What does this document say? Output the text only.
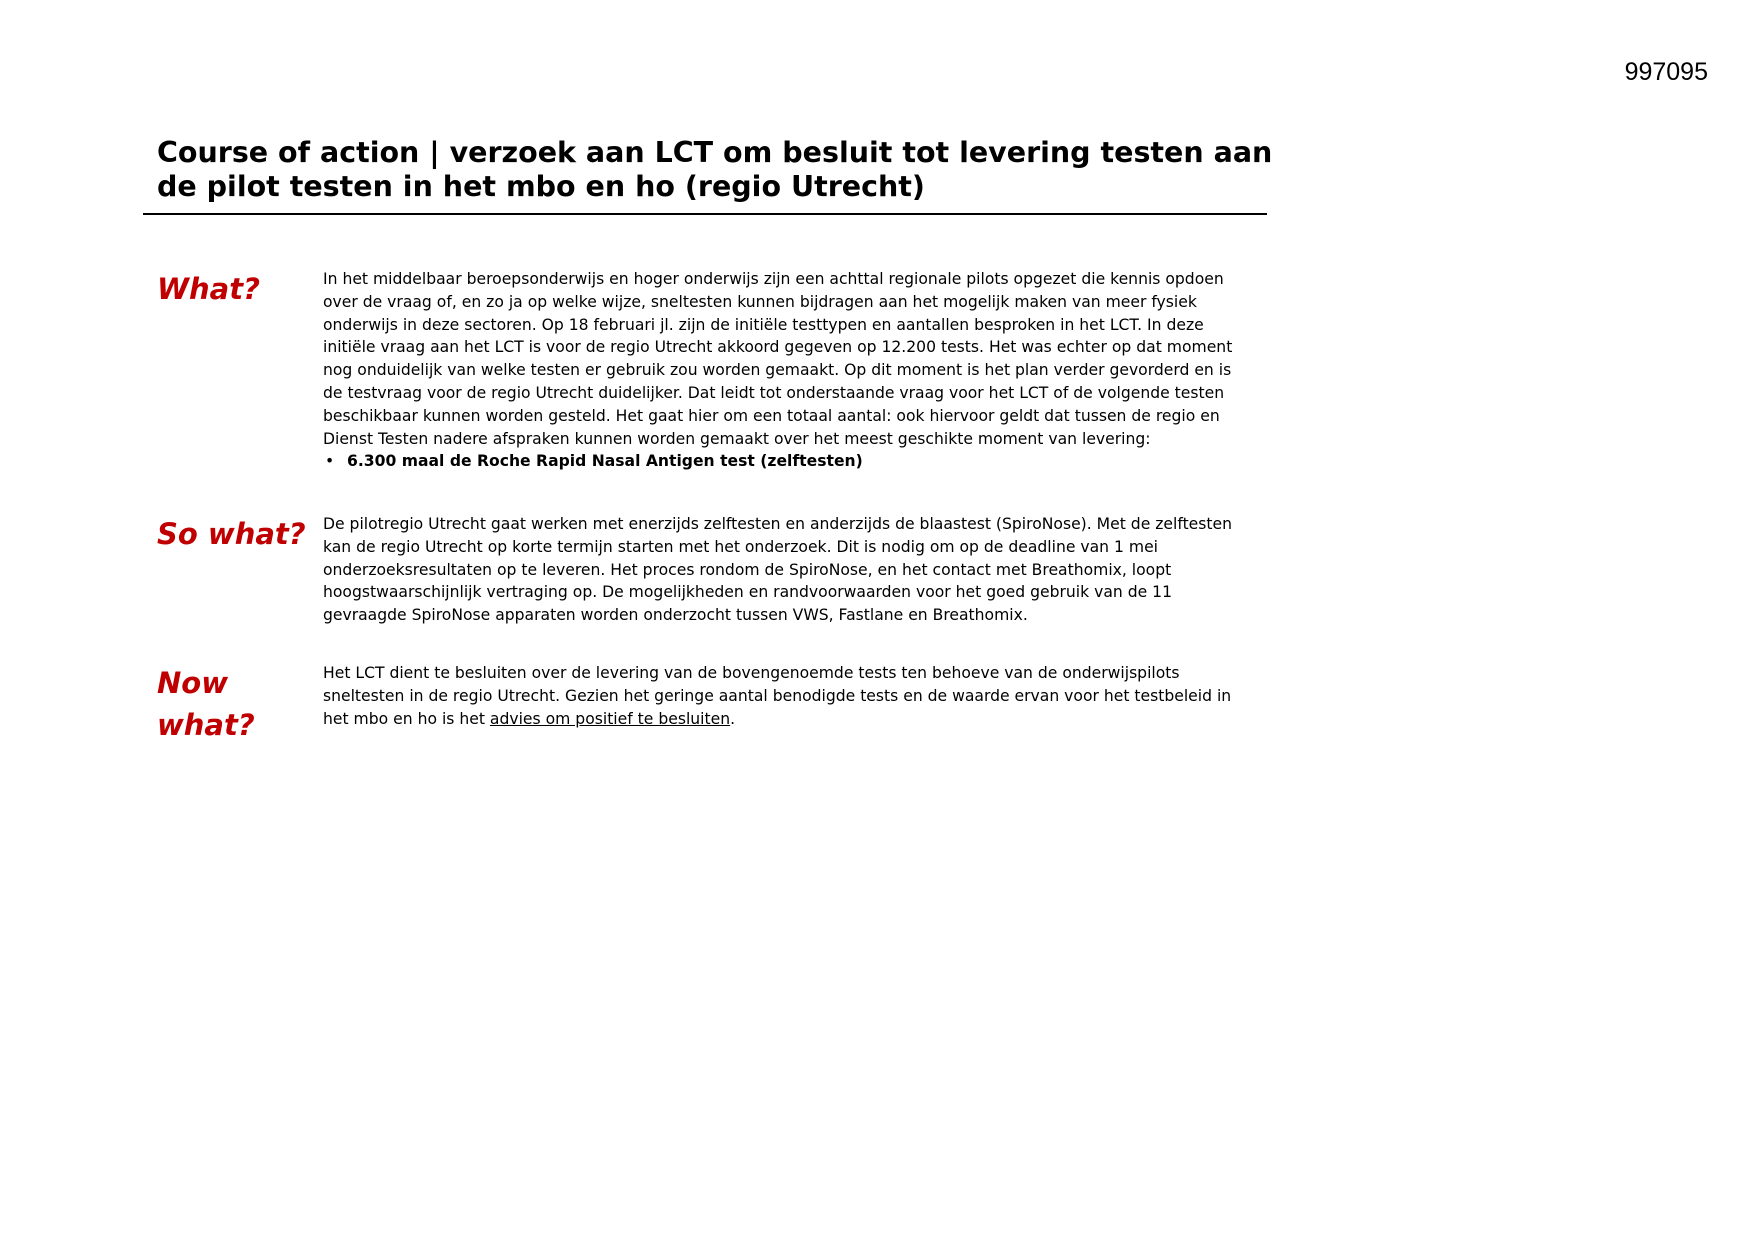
997095
Course of action | verzoek aan LCT om besluit tot levering testen aan
de pilot testen in het mbo en ho (regio Utrecht)
What?	In het middelbaar beroepsonderwijs en hoger onderwijs zijn een achttal regionale pilots opgezet die kennis opdoen over de vraag of, en zo ja op welke wijze, sneltesten kunnen bijdragen aan het mogelijk maken van meer fysiek onderwijs in deze sectoren. Op 18 februari jl. zijn de initiële testtypen en aantallen besproken in het LCT. In deze initiële vraag aan het LCT is voor de regio Utrecht akkoord gegeven op 12.200 tests. Het was echter op dat moment nog onduidelijk van welke testen er gebruik zou worden gemaakt. Op dit moment is het plan verder gevorderd en is de testvraag voor de regio Utrecht duidelijker. Dat leidt tot onderstaande vraag voor het LCT of de volgende testen beschikbaar kunnen worden gesteld. Het gaat hier om een totaal aantal: ook hiervoor geldt dat tussen de regio en Dienst Testen nadere afspraken kunnen worden gemaakt over het meest geschikte moment van levering:

• 6.300 maal de Roche Rapid Nasal Antigen test (zelftesten)
So what? De pilotregio Utrecht gaat werken met enerzijds zelftesten en anderzijds de blaastest (SpiroNose). Met de zelftesten kan de regio Utrecht op korte termijn starten met het onderzoek. Dit is nodig om op de deadline van 1 mei onderzoeksresultaten op te leveren. Het proces rondom de SpiroNose, en het contact met Breathomix, loopt hoogstwaarschijnlijk vertraging op. De mogelijkheden en randvoorwaarden voor het goed gebruik van de 11 gevraagde SpiroNose apparaten worden onderzocht tussen VWS, Fastlane en Breathomix.

Now
what?

Het LCT dient te besluiten over de levering van de bovengenoemde tests ten behoeve van de onderwijspilots sneltesten in de regio Utrecht. Gezien het geringe aantal benodigde tests en de waarde ervan voor het testbeleid in het mbo en ho is het advies om positief te besluiten.
